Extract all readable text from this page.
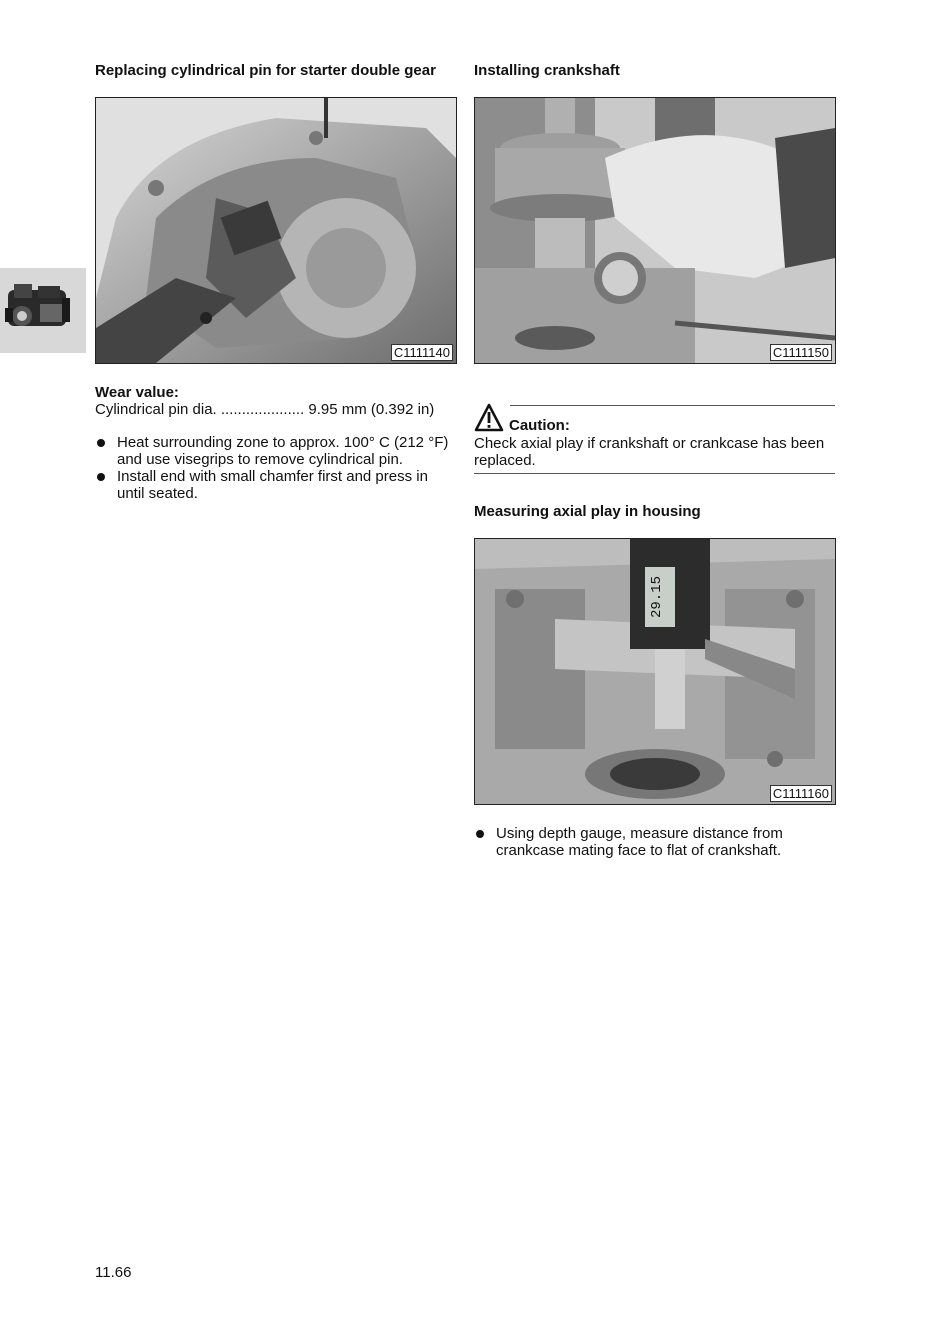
Replacing cylindrical pin for starter double gear
C1111140
Wear value:
Cylindrical pin dia. .................... 9.95 mm (0.392 in)
Heat surrounding zone to approx. 100° C (212 °F) and use visegrips to remove cylindrical pin.
Install end with small chamfer first and press in until seated.
Installing crankshaft
C1111150
Caution:
Check axial play if crankshaft or crankcase has been replaced.
Measuring axial play in housing
29.15
C1111160
Using depth gauge, measure distance from crankcase mating face to flat of crankshaft.
11.66
